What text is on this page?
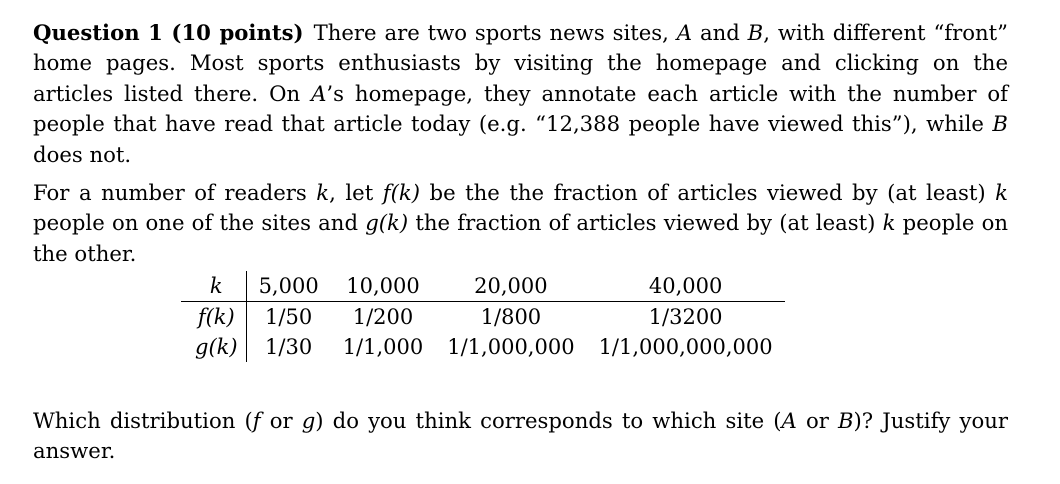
Question 1 (10 points) There are two sports news sites, A and B, with different “front” home pages. Most sports enthusiasts by visiting the homepage and clicking on the articles listed there. On A’s homepage, they annotate each article with the number of people that have read that article today (e.g. “12,388 people have viewed this”), while B does not.

For a number of readers k, let f(k) be the the fraction of articles viewed by (at least) k people on one of the sites and g(k) the fraction of articles viewed by (at least) k people on the other.

k	5,000	10,000	20,000	40,000
f(k)	1/50	1/200	1/800	1/3200
g(k)	1/30	1/1,000	1/1,000,000	1/1,000,000,000

Which distribution (f or g) do you think corresponds to which site (A or B)? Justify your answer.
